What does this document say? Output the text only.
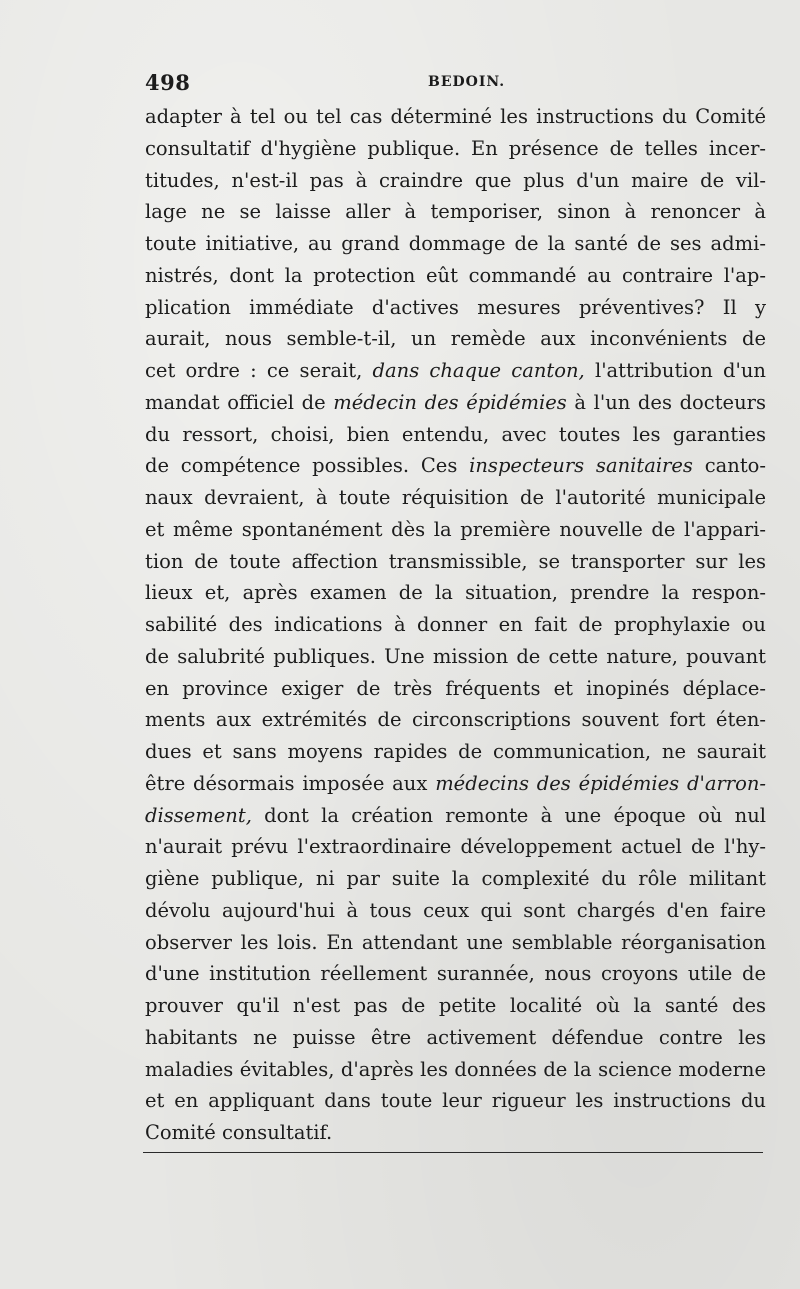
498	BEDOIN.
adapter à tel ou tel cas déterminé les instructions du Comité
consultatif d'hygiène publique. En présence de telles incer-
titudes, n'est-il pas à craindre que plus d'un maire de vil-
lage ne se laisse aller à temporiser, sinon à renoncer à
toute initiative, au grand dommage de la santé de ses admi-
nistrés, dont la protection eût commandé au contraire l'ap-
plication immédiate d'actives mesures préventives? Il y
aurait, nous semble-t-il, un remède aux inconvénients de
cet ordre : ce serait, dans chaque canton, l'attribution d'un
mandat officiel de médecin des épidémies à l'un des docteurs
du ressort, choisi, bien entendu, avec toutes les garanties
de compétence possibles. Ces inspecteurs sanitaires canto-
naux devraient, à toute réquisition de l'autorité municipale
et même spontanément dès la première nouvelle de l'appari-
tion de toute affection transmissible, se transporter sur les
lieux et, après examen de la situation, prendre la respon-
sabilité des indications à donner en fait de prophylaxie ou
de salubrité publiques. Une mission de cette nature, pouvant
en province exiger de très fréquents et inopinés déplace-
ments aux extrémités de circonscriptions souvent fort éten-
dues et sans moyens rapides de communication, ne saurait
être désormais imposée aux médecins des épidémies d'arron-
dissement, dont la création remonte à une époque où nul
n'aurait prévu l'extraordinaire développement actuel de l'hy-
giène publique, ni par suite la complexité du rôle militant
dévolu aujourd'hui à tous ceux qui sont chargés d'en faire
observer les lois. En attendant une semblable réorganisation
d'une institution réellement surannée, nous croyons utile de
prouver qu'il n'est pas de petite localité où la santé des
habitants ne puisse être activement défendue contre les
maladies évitables, d'après les données de la science moderne
et en appliquant dans toute leur rigueur les instructions du
Comité consultatif.
